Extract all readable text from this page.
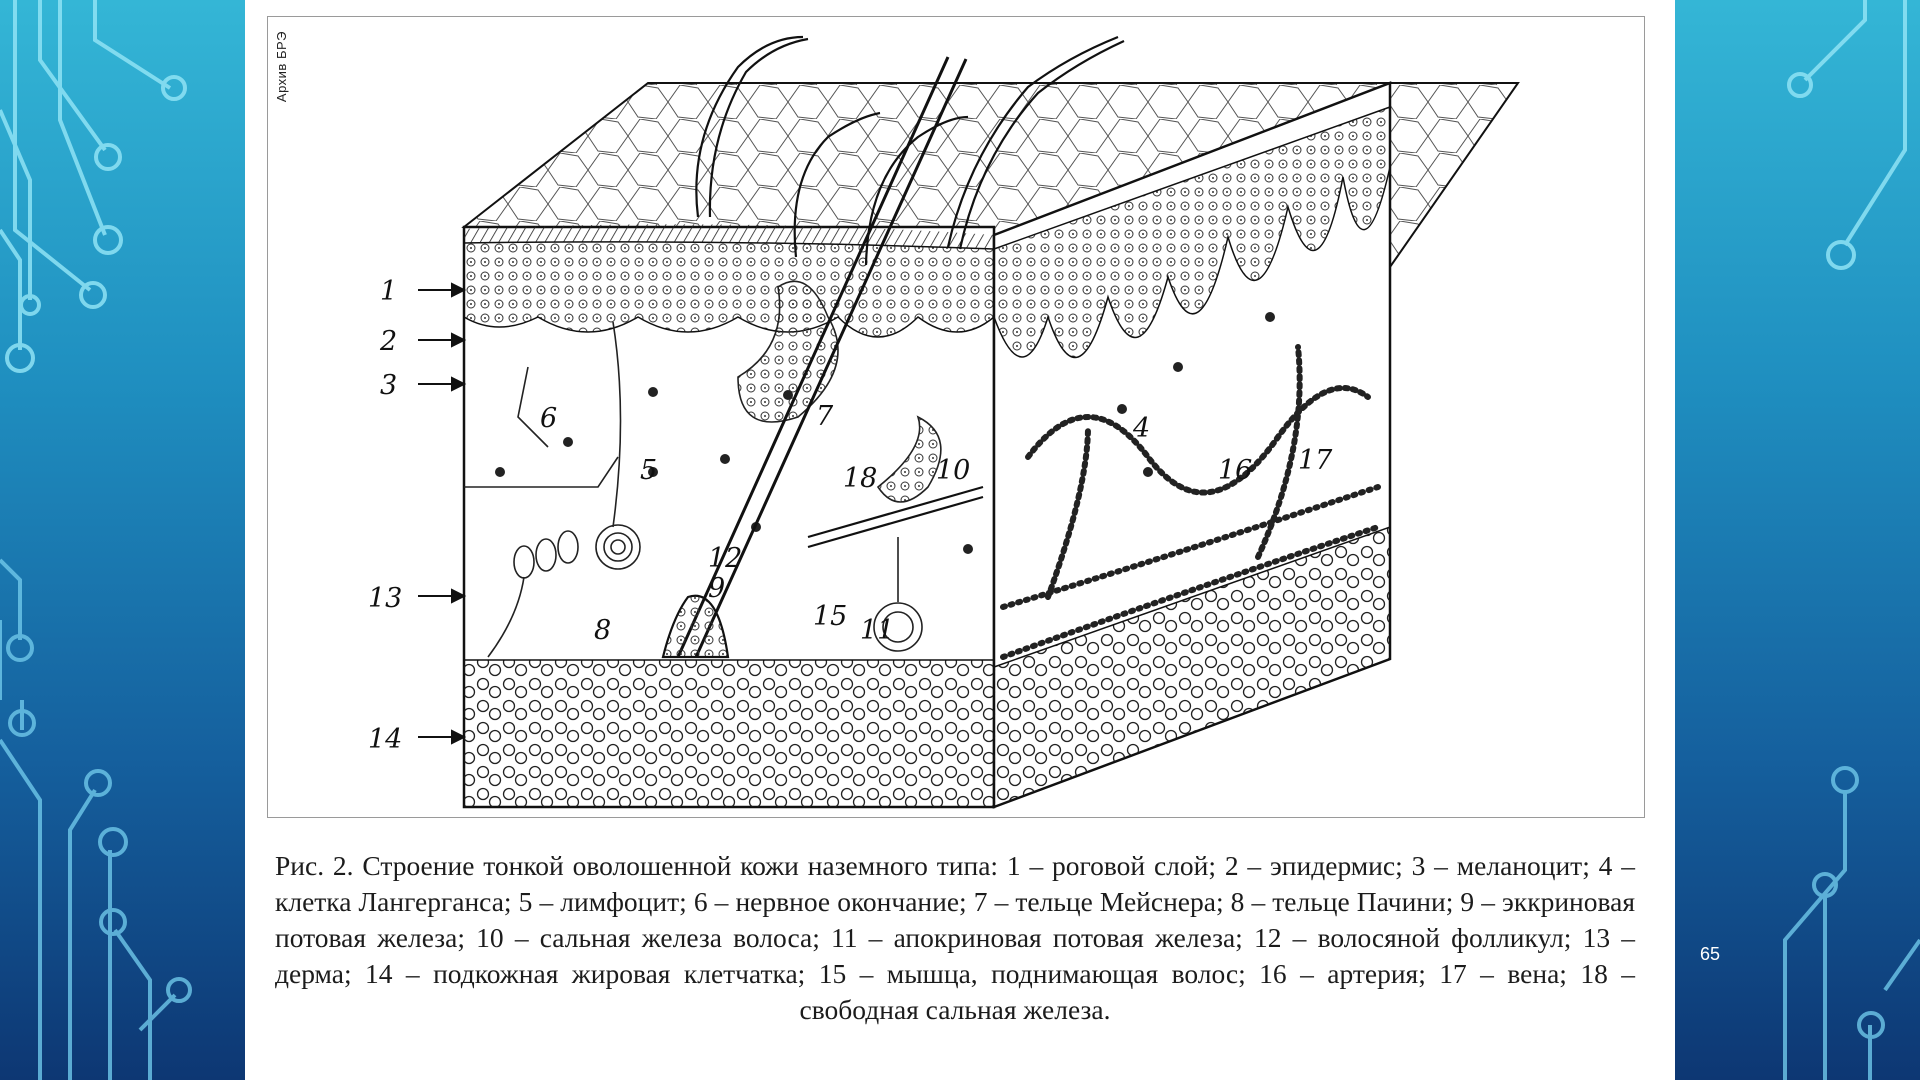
Архив БРЭ
1
2
3
4
5
6	7
8
9
10
11
12
13
14
15
16 17
18
Рис. 2. Строение тонкой оволошенной кожи наземного типа: 1 – роговой слой; 2 – эпидермис; 3 – меланоцит; 4 – клетка Лангерганса; 5 – лимфоцит; 6 – нервное окончание; 7 – тельце Мейснера; 8 – тельце Пачини; 9 – эккриновая потовая железа; 10 – сальная железа волоса; 11 – апокриновая потовая железа; 12 – волосяной фолликул; 13 – дерма; 14 – подкожная жировая клетчатка; 15 – мышца, поднимающая волос; 16 – артерия; 17 – вена; 18 – свободная сальная железа.
65
